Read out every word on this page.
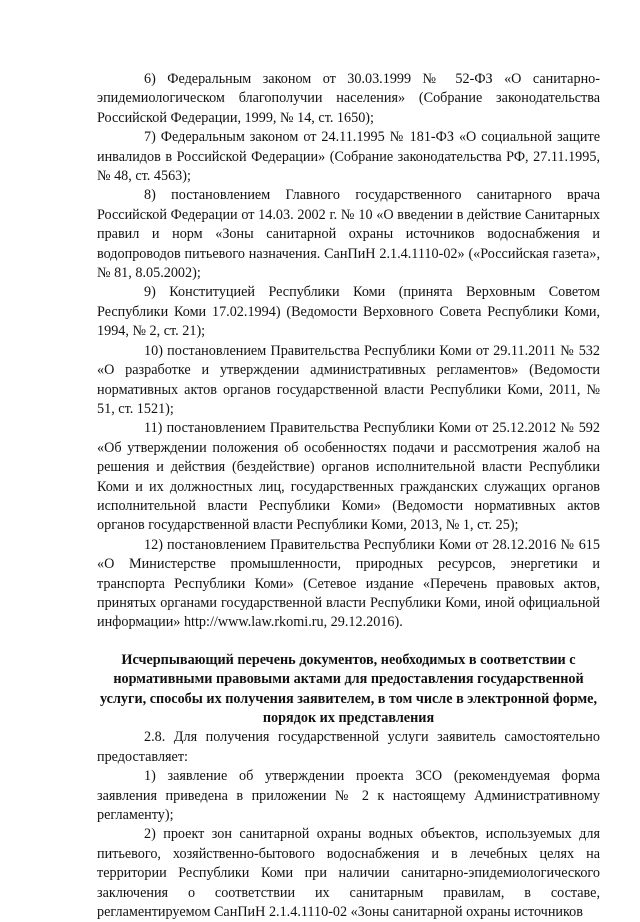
6) Федеральным законом от 30.03.1999 № 52-ФЗ «О санитарно-эпидемиологическом благополучии населения» (Собрание законодательства Российской Федерации, 1999, № 14, ст. 1650);

7) Федеральным законом от 24.11.1995 № 181-ФЗ «О социальной защите инвалидов в Российской Федерации» (Собрание законодательства РФ, 27.11.1995, № 48, ст. 4563);

8) постановлением Главного государственного санитарного врача Российской Федерации от 14.03. 2002 г. № 10 «О введении в действие Санитарных правил и норм «Зоны санитарной охраны источников водоснабжения и водопроводов питьевого назначения. СанПиН 2.1.4.1110-02» («Российская газета», № 81, 8.05.2002);

9) Конституцией Республики Коми (принята Верховным Советом Республики Коми 17.02.1994) (Ведомости Верховного Совета Республики Коми, 1994, № 2, ст. 21);

10) постановлением Правительства Республики Коми от 29.11.2011 № 532 «О разработке и утверждении административных регламентов» (Ведомости нормативных актов органов государственной власти Республики Коми, 2011, № 51, ст. 1521);

11) постановлением Правительства Республики Коми от 25.12.2012 № 592 «Об утверждении положения об особенностях подачи и рассмотрения жалоб на решения и действия (бездействие) органов исполнительной власти Республики Коми и их должностных лиц, государственных гражданских служащих органов исполнительной власти Республики Коми» (Ведомости нормативных актов органов государственной власти Республики Коми, 2013, № 1, ст. 25);

12) постановлением Правительства Республики Коми от 28.12.2016 № 615 «О Министерстве промышленности, природных ресурсов, энергетики и транспорта Республики Коми» (Сетевое издание «Перечень правовых актов, принятых органами государственной власти Республики Коми, иной официальной информации» http://www.law.rkomi.ru, 29.12.2016).

Исчерпывающий перечень документов, необходимых в соответствии с нормативными правовыми актами для предоставления государственной услуги, способы их получения заявителем, в том числе в электронной форме, порядок их представления

2.8. Для получения государственной услуги заявитель самостоятельно предоставляет:

1) заявление об утверждении проекта ЗСО (рекомендуемая форма заявления приведена в приложении № 2 к настоящему Административному регламенту);

2) проект зон санитарной охраны водных объектов, используемых для питьевого, хозяйственно-бытового водоснабжения и в лечебных целях на территории Республики Коми при наличии санитарно-эпидемиологического заключения о соответствии их санитарным правилам, в составе, регламентируемом СанПиН 2.1.4.1110-02 «Зоны санитарной охраны источников
